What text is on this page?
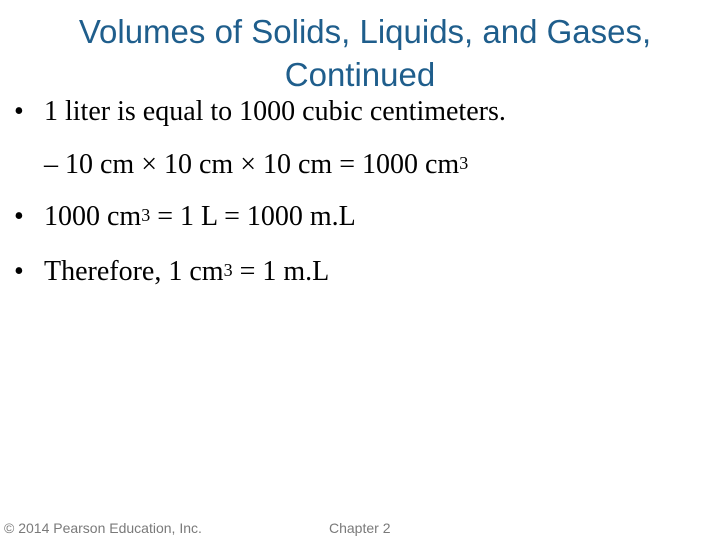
Volumes of Solids, Liquids, and Gases,
Continued
• 1 liter is equal to 1000 cubic centimeters.
– 10 cm × 10 cm × 10 cm = 1000 $cm^3$
• 1000 $cm^3 = 1$ L = 1000 m.L
• Therefore, 1 $cm^3 = 1$ m.L
© 2014 Pearson Education, Inc.	Chapter 2
